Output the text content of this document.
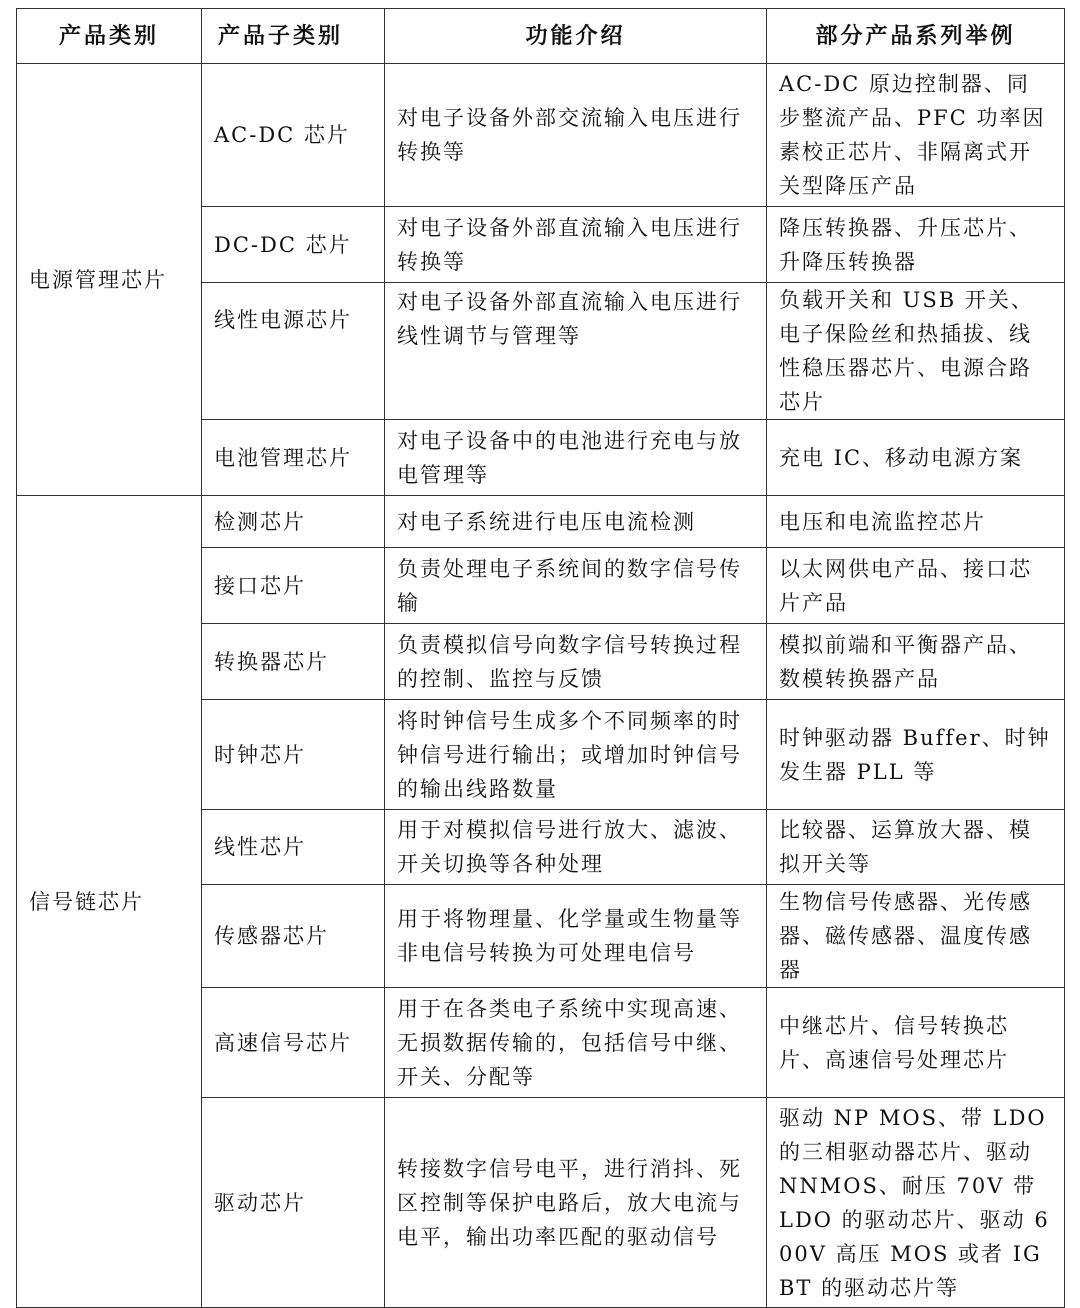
产品类别	产品子类别	功能介绍	部分产品系列举例
电源管理芯片	AC-DC 芯片	对电子设备外部交流输入电压进行转换等	AC-DC 原边控制器、同步整流产品、PFC 功率因素校正芯片、非隔离式开关型降压产品
	DC-DC 芯片	对电子设备外部直流输入电压进行转换等	降压转换器、升压芯片、升降压转换器
	线性电源芯片	对电子设备外部直流输入电压进行线性调节与管理等	负载开关和 USB 开关、电子保险丝和热插拔、线性稳压器芯片、电源合路芯片
	电池管理芯片	对电子设备中的电池进行充电与放电管理等	充电 IC、移动电源方案
信号链芯片	检测芯片	对电子系统进行电压电流检测	电压和电流监控芯片
	接口芯片	负责处理电子系统间的数字信号传输	以太网供电产品、接口芯片产品
	转换器芯片	负责模拟信号向数字信号转换过程的控制、监控与反馈	模拟前端和平衡器产品、数模转换器产品
	时钟芯片	将时钟信号生成多个不同频率的时钟信号进行输出；或增加时钟信号的输出线路数量	时钟驱动器 Buffer、时钟发生器 PLL 等
	线性芯片	用于对模拟信号进行放大、滤波、开关切换等各种处理	比较器、运算放大器、模拟开关等
	传感器芯片	用于将物理量、化学量或生物量等非电信号转换为可处理电信号	生物信号传感器、光传感器、磁传感器、温度传感器
	高速信号芯片	用于在各类电子系统中实现高速、无损数据传输的，包括信号中继、开关、分配等	中继芯片、信号转换芯片、高速信号处理芯片
	驱动芯片	转接数字信号电平，进行消抖、死区控制等保护电路后，放大电流与电平，输出功率匹配的驱动信号	驱动 NP MOS、带 LDO 的三相驱动器芯片、驱动 NNMOS、耐压 70V 带 LDO 的驱动芯片、驱动 600V 高压 MOS 或者 IGBT 的驱动芯片等
